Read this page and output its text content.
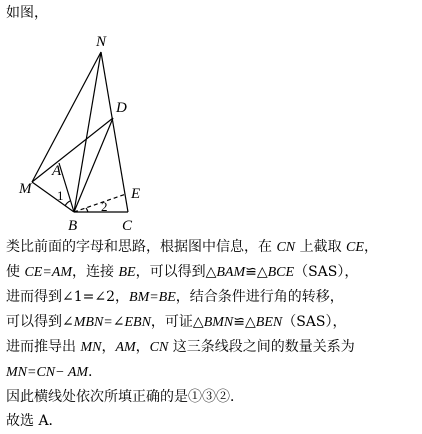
如图，
N
D
A
M	E
B	C
1
2
类比前面的字母和思路，根据图中信息，在 CN 上截取 CE，
使 CE=AM，连接 BE，可以得到△BAM≌△BCE（SAS），
进而得到∠1=∠2，BM=BE，结合条件进行角的转移，
可以得到∠MBN=∠EBN，可证△BMN≌△BEN（SAS），
进而推导出 MN，AM，CN 这三条线段之间的数量关系为
MN=CN− AM.
因此横线处依次所填正确的是①③②．
故选 A．
